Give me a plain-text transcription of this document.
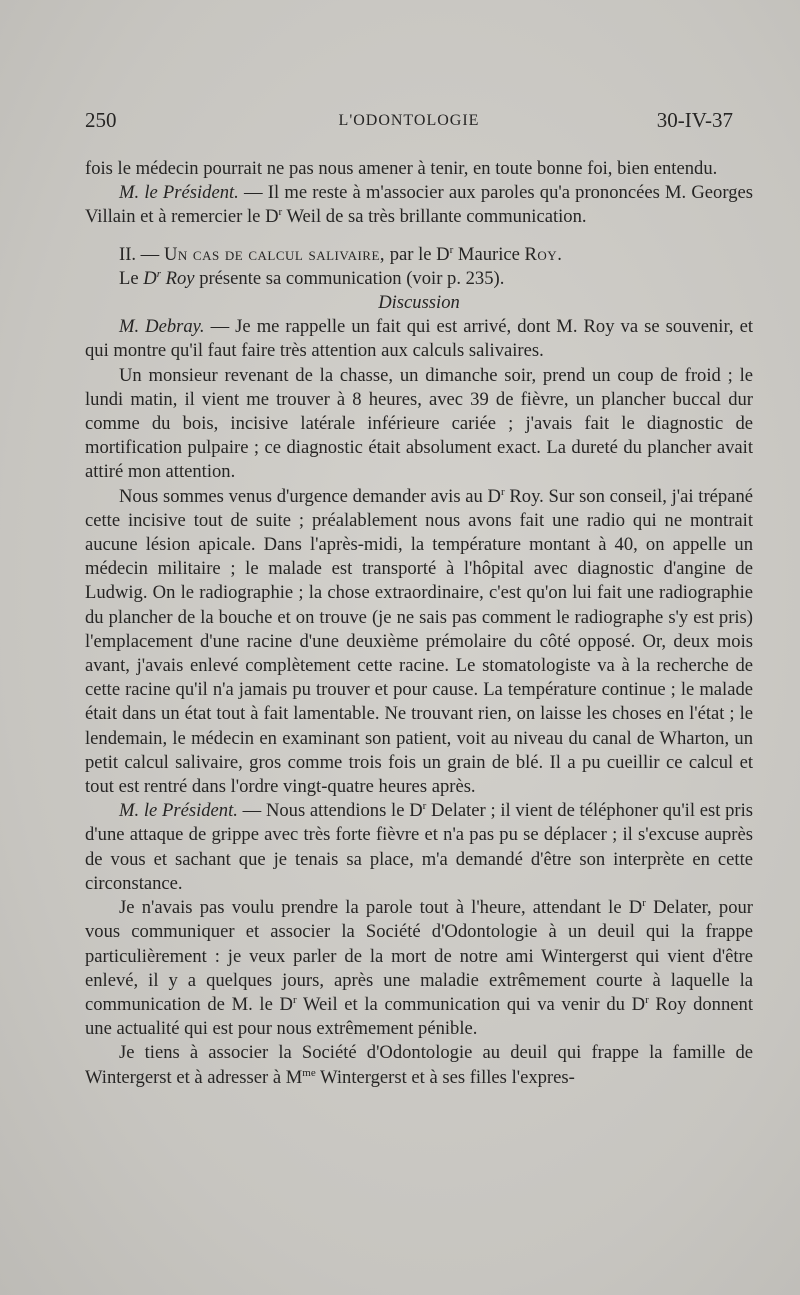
250	L'ODONTOLOGIE	30-IV-37

fois le médecin pourrait ne pas nous amener à tenir, en toute bonne foi, bien entendu.

M. le Président. — Il me reste à m'associer aux paroles qu'a prononcées M. Georges Villain et à remercier le $D^r$ Weil de sa très brillante communication.

II. — Un cas de calcul salivaire, par le $D^r$ Maurice Roy.

Le $D^r$ Roy présente sa communication (voir p. 235).

Discussion

M. Debray. — Je me rappelle un fait qui est arrivé, dont M. Roy va se souvenir, et qui montre qu'il faut faire très attention aux calculs salivaires.

Un monsieur revenant de la chasse, un dimanche soir, prend un coup de froid ; le lundi matin, il vient me trouver à 8 heures, avec 39 de fièvre, un plancher buccal dur comme du bois, incisive latérale inférieure cariée ; j'avais fait le diagnostic de mortification pulpaire ; ce diagnostic était absolument exact. La dureté du plancher avait attiré mon attention.

Nous sommes venus d'urgence demander avis au $D^r$ Roy. Sur son conseil, j'ai trépané cette incisive tout de suite ; préalablement nous avons fait une radio qui ne montrait aucune lésion apicale. Dans l'après-midi, la température montant à 40, on appelle un médecin militaire ; le malade est transporté à l'hôpital avec diagnostic d'angine de Ludwig. On le radiographie ; la chose extraordinaire, c'est qu'on lui fait une radiographie du plancher de la bouche et on trouve (je ne sais pas comment le radiographe s'y est pris) l'emplacement d'une racine d'une deuxième prémolaire du côté opposé. Or, deux mois avant, j'avais enlevé complètement cette racine. Le stomatologiste va à la recherche de cette racine qu'il n'a jamais pu trouver et pour cause. La température continue ; le malade était dans un état tout à fait lamentable. Ne trouvant rien, on laisse les choses en l'état ; le lendemain, le médecin en examinant son patient, voit au niveau du canal de Wharton, un petit calcul salivaire, gros comme trois fois un grain de blé. Il a pu cueillir ce calcul et tout est rentré dans l'ordre vingt-quatre heures après.

M. le Président. — Nous attendions le $D^r$ Delater ; il vient de téléphoner qu'il est pris d'une attaque de grippe avec très forte fièvre et n'a pas pu se déplacer ; il s'excuse auprès de vous et sachant que je tenais sa place, m'a demandé d'être son interprète en cette circonstance.

Je n'avais pas voulu prendre la parole tout à l'heure, attendant le $D^r$ Delater, pour vous communiquer et associer la Société d'Odontologie à un deuil qui la frappe particulièrement : je veux parler de la mort de notre ami Wintergerst qui vient d'être enlevé, il y a quelques jours, après une maladie extrêmement courte à laquelle la communication de M. le $D^r$ Weil et la communication qui va venir du $D^r$ Roy donnent une actualité qui est pour nous extrêmement pénible.

Je tiens à associer la Société d'Odontologie au deuil qui frappe la famille de Wintergerst et à adresser à $M^{me}$ Wintergerst et à ses filles l'expres-
